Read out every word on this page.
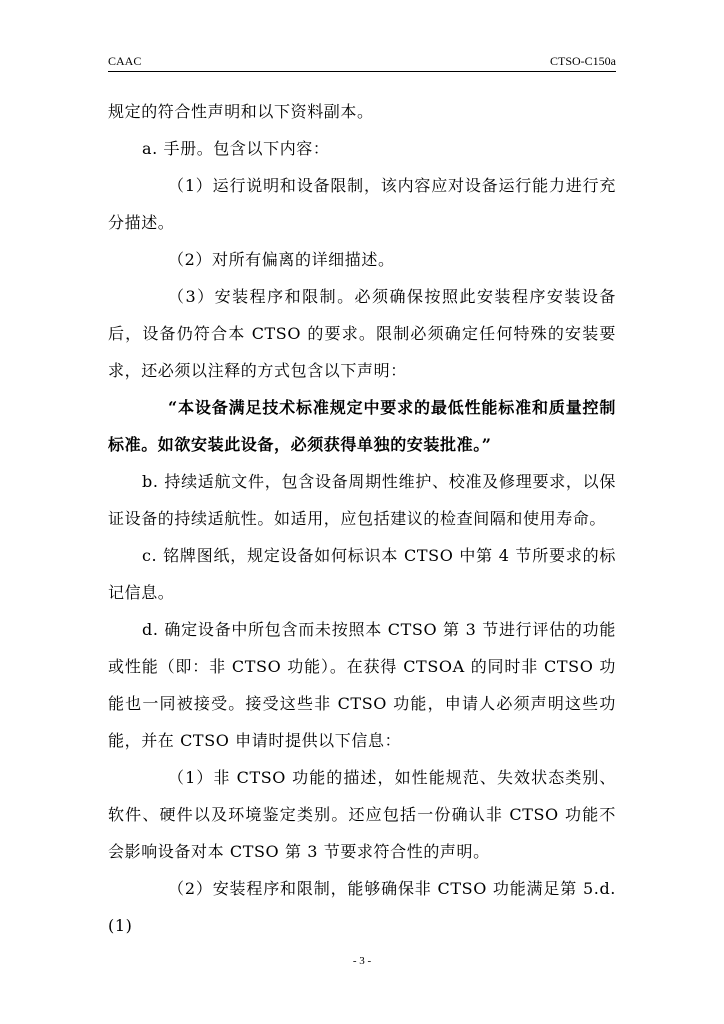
CAAC	CTSO-C150a

规定的符合性声明和以下资料副本。

a. 手册。包含以下内容：

（1）运行说明和设备限制，该内容应对设备运行能力进行充分描述。

（2）对所有偏离的详细描述。

（3）安装程序和限制。必须确保按照此安装程序安装设备后，设备仍符合本 CTSO 的要求。限制必须确定任何特殊的安装要求，还必须以注释的方式包含以下声明：

“本设备满足技术标准规定中要求的最低性能标准和质量控制标准。如欲安装此设备，必须获得单独的安装批准。”

b. 持续适航文件，包含设备周期性维护、校准及修理要求，以保证设备的持续适航性。如适用，应包括建议的检查间隔和使用寿命。

c. 铭牌图纸，规定设备如何标识本 CTSO 中第 4 节所要求的标记信息。

d. 确定设备中所包含而未按照本 CTSO 第 3 节进行评估的功能或性能（即：非 CTSO 功能）。在获得 CTSOA 的同时非 CTSO 功能也一同被接受。接受这些非 CTSO 功能，申请人必须声明这些功能，并在 CTSO 申请时提供以下信息：

（1）非 CTSO 功能的描述，如性能规范、失效状态类别、软件、硬件以及环境鉴定类别。还应包括一份确认非 CTSO 功能不会影响设备对本 CTSO 第 3 节要求符合性的声明。

（2）安装程序和限制，能够确保非 CTSO 功能满足第 5.d.(1)

- 3 -
